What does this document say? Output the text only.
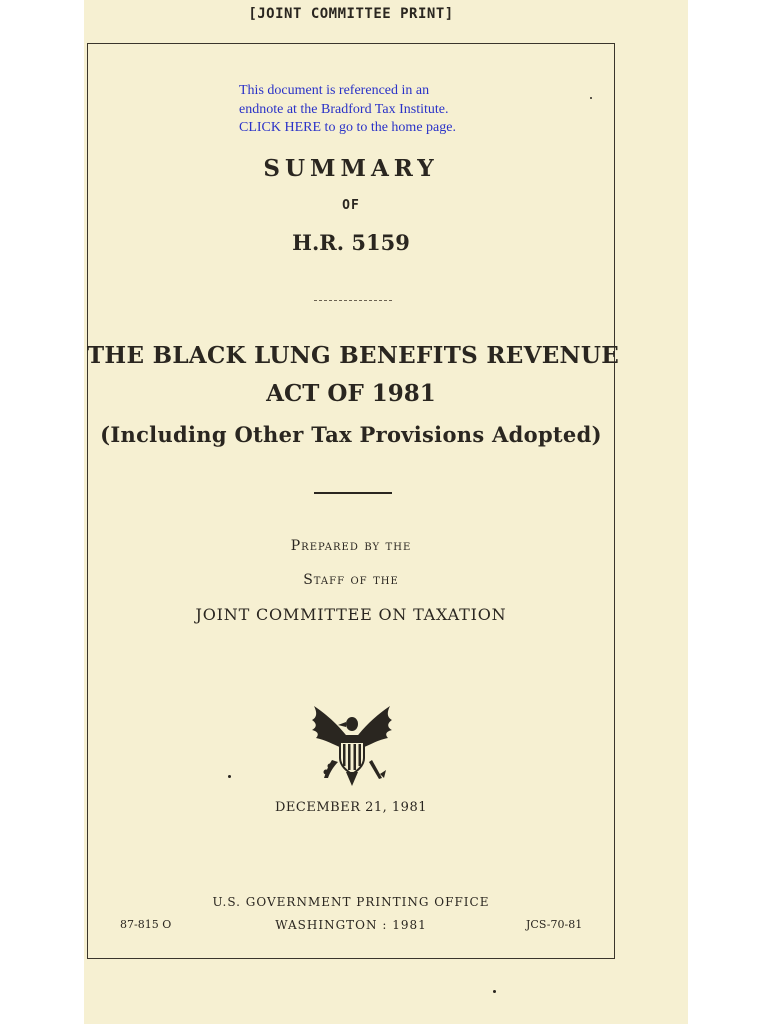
[JOINT COMMITTEE PRINT]
This document is referenced in an
endnote at the Bradford Tax Institute.
CLICK HERE to go to the home page.
SUMMARY
OF
H.R. 5159
THE BLACK LUNG BENEFITS REVENUE
ACT OF 1981
(Including Other Tax Provisions Adopted)
Prepared by the
Staff of the
JOINT COMMITTEE ON TAXATION
DECEMBER 21, 1981
U.S. GOVERNMENT PRINTING OFFICE
WASHINGTON : 1981
87-815 O	JCS-70-81
